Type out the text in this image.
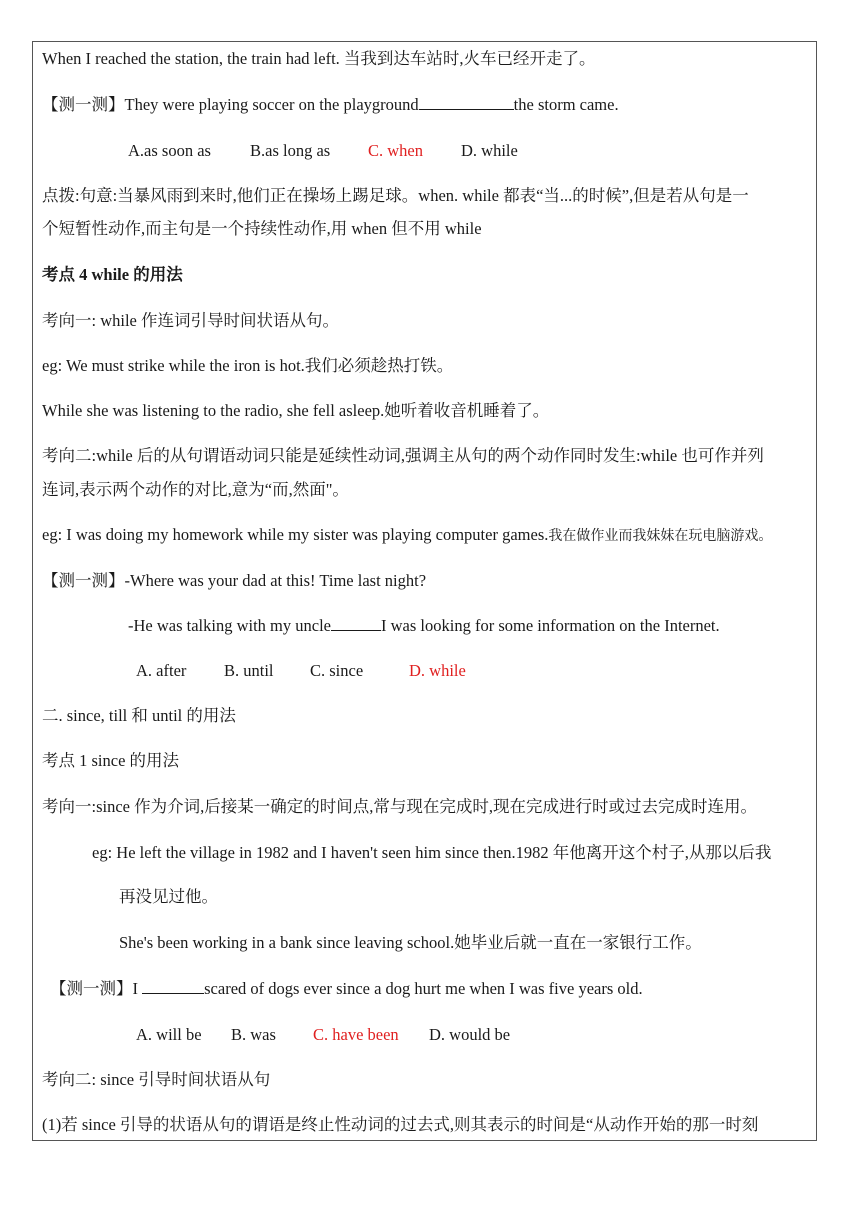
When I reached the station, the train had left. 当我到达车站时,火车已经开走了。
【测一测】They were playing soccer on the playground	the storm came.
A.as soon as B.as long as C. when D. while
点拨:句意:当暴风雨到来时,他们正在操场上踢足球。when. while 都表“当...的时候”,但是若从句是一
个短暂性动作,而主句是一个持续性动作,用 when 但不用 while
考点 4 while 的用法
考向一: while 作连词引导时间状语从句。
eg: We must strike while the iron is hot.我们必须趁热打铁。
While she was listening to the radio, she fell asleep.她听着收音机睡着了。
考向二:while 后的从句谓语动词只能是延续性动词,强调主从句的两个动作同时发生:while 也可作并列
连词,表示两个动作的对比,意为“而,然面"。
eg: I was doing my homework while my sister was playing computer games.我在做作业而我妹妹在玩电脑游戏。
【测一测】-Where was your dad at this! Time last night?
-He was talking with my uncle	I was looking for some information on the Internet.
A. after B. until C. since	D. while
二. since, till 和 until 的用法
考点 1 since 的用法
考向一:since 作为介词,后接某一确定的时间点,常与现在完成时,现在完成进行时或过去完成时连用。
eg: He left the village in 1982 and I haven't seen him since then.1982 年他离开这个村子,从那以后我
再没见过他。
She's been working in a bank since leaving school.她毕业后就一直在一家银行工作。
【测一测】I	scared of dogs ever since a dog hurt me when I was five years old.
A. will be B. was C. have been D. would be
考向二: since 引导时间状语从句
(1)若 since 引导的状语从句的谓语是终止性动词的过去式,则其表示的时间是“从动作开始的那一时刻
